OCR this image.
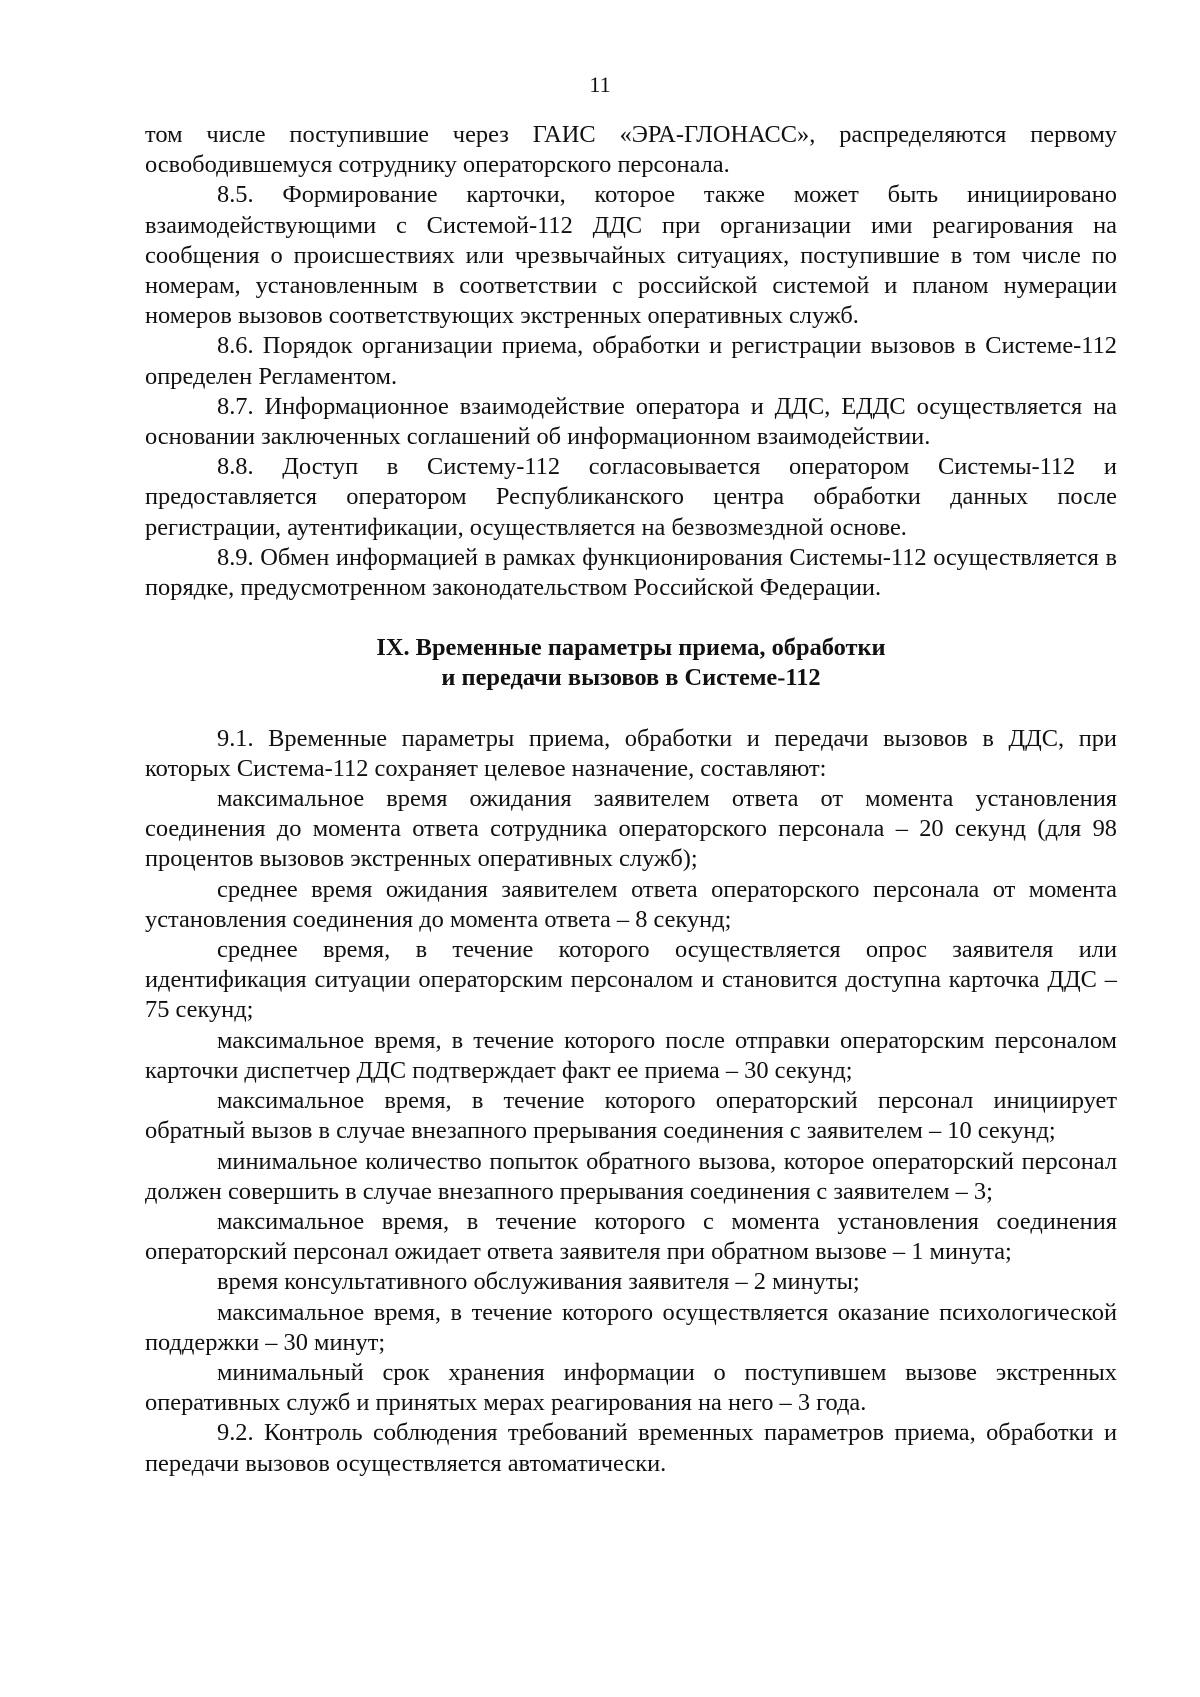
11

том числе поступившие через ГАИС «ЭРА-ГЛОНАСС», распределяются первому освободившемуся сотруднику операторского персонала.

8.5. Формирование карточки, которое также может быть инициировано взаимодействующими с Системой-112 ДДС при организации ими реагирования на сообщения о происшествиях или чрезвычайных ситуациях, поступившие в том числе по номерам, установленным в соответствии с российской системой и планом нумерации номеров вызовов соответствующих экстренных оперативных служб.

8.6. Порядок организации приема, обработки и регистрации вызовов в Системе-112 определен Регламентом.

8.7. Информационное взаимодействие оператора и ДДС, ЕДДС осуществляется на основании заключенных соглашений об информационном взаимодействии.

8.8. Доступ в Систему-112 согласовывается оператором Системы-112 и предоставляется оператором Республиканского центра обработки данных после регистрации, аутентификации, осуществляется на безвозмездной основе.

8.9. Обмен информацией в рамках функционирования Системы-112 осуществляется в порядке, предусмотренном законодательством Российской Федерации.

IX. Временные параметры приема, обработки
и передачи вызовов в Системе-112

9.1. Временные параметры приема, обработки и передачи вызовов в ДДС, при которых Система-112 сохраняет целевое назначение, составляют:

максимальное время ожидания заявителем ответа от момента установления соединения до момента ответа сотрудника операторского персонала – 20 секунд (для 98 процентов вызовов экстренных оперативных служб);

среднее время ожидания заявителем ответа операторского персонала от момента установления соединения до момента ответа – 8 секунд;

среднее время, в течение которого осуществляется опрос заявителя или идентификация ситуации операторским персоналом и становится доступна карточка ДДС – 75 секунд;

максимальное время, в течение которого после отправки операторским персоналом карточки диспетчер ДДС подтверждает факт ее приема – 30 секунд;

максимальное время, в течение которого операторский персонал инициирует обратный вызов в случае внезапного прерывания соединения с заявителем – 10 секунд;

минимальное количество попыток обратного вызова, которое операторский персонал должен совершить в случае внезапного прерывания соединения с заявителем – 3;

максимальное время, в течение которого с момента установления соединения операторский персонал ожидает ответа заявителя при обратном вызове – 1 минута;

время консультативного обслуживания заявителя – 2 минуты;

максимальное время, в течение которого осуществляется оказание психологической поддержки – 30 минут;

минимальный срок хранения информации о поступившем вызове экстренных оперативных служб и принятых мерах реагирования на него – 3 года.

9.2. Контроль соблюдения требований временных параметров приема, обработки и передачи вызовов осуществляется автоматически.
